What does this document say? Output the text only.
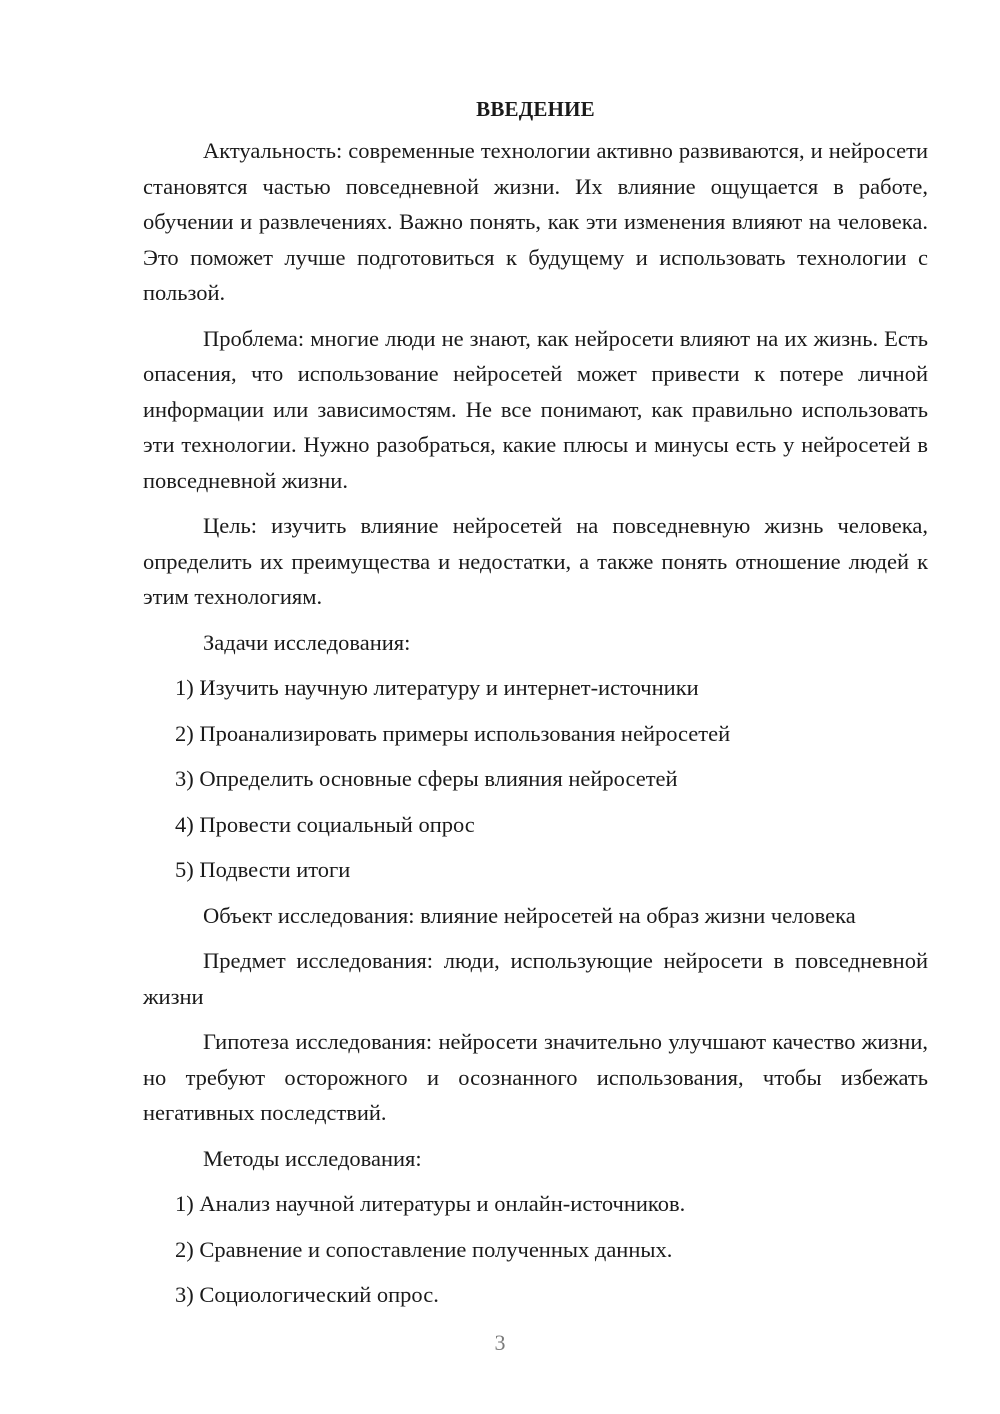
ВВЕДЕНИЕ

Актуальность: современные технологии активно развиваются, и нейросети становятся частью повседневной жизни. Их влияние ощущается в работе, обучении и развлечениях. Важно понять, как эти изменения влияют на человека. Это поможет лучше подготовиться к будущему и использовать технологии с пользой.

Проблема: многие люди не знают, как нейросети влияют на их жизнь. Есть опасения, что использование нейросетей может привести к потере личной информации или зависимостям. Не все понимают, как правильно использовать эти технологии. Нужно разобраться, какие плюсы и минусы есть у нейросетей в повседневной жизни.

Цель: изучить влияние нейросетей на повседневную жизнь человека, определить их преимущества и недостатки, а также понять отношение людей к этим технологиям.

Задачи исследования:

1) Изучить научную литературу и интернет-источники

2) Проанализировать примеры использования нейросетей

3) Определить основные сферы влияния нейросетей

4) Провести социальный опрос

5) Подвести итоги

Объект исследования: влияние нейросетей на образ жизни человека

Предмет исследования: люди, использующие нейросети в повседневной жизни

Гипотеза исследования: нейросети значительно улучшают качество жизни, но требуют осторожного и осознанного использования, чтобы избежать негативных последствий.

Методы исследования:

1) Анализ научной литературы и онлайн-источников.

2) Сравнение и сопоставление полученных данных.

3) Социологический опрос.

3
